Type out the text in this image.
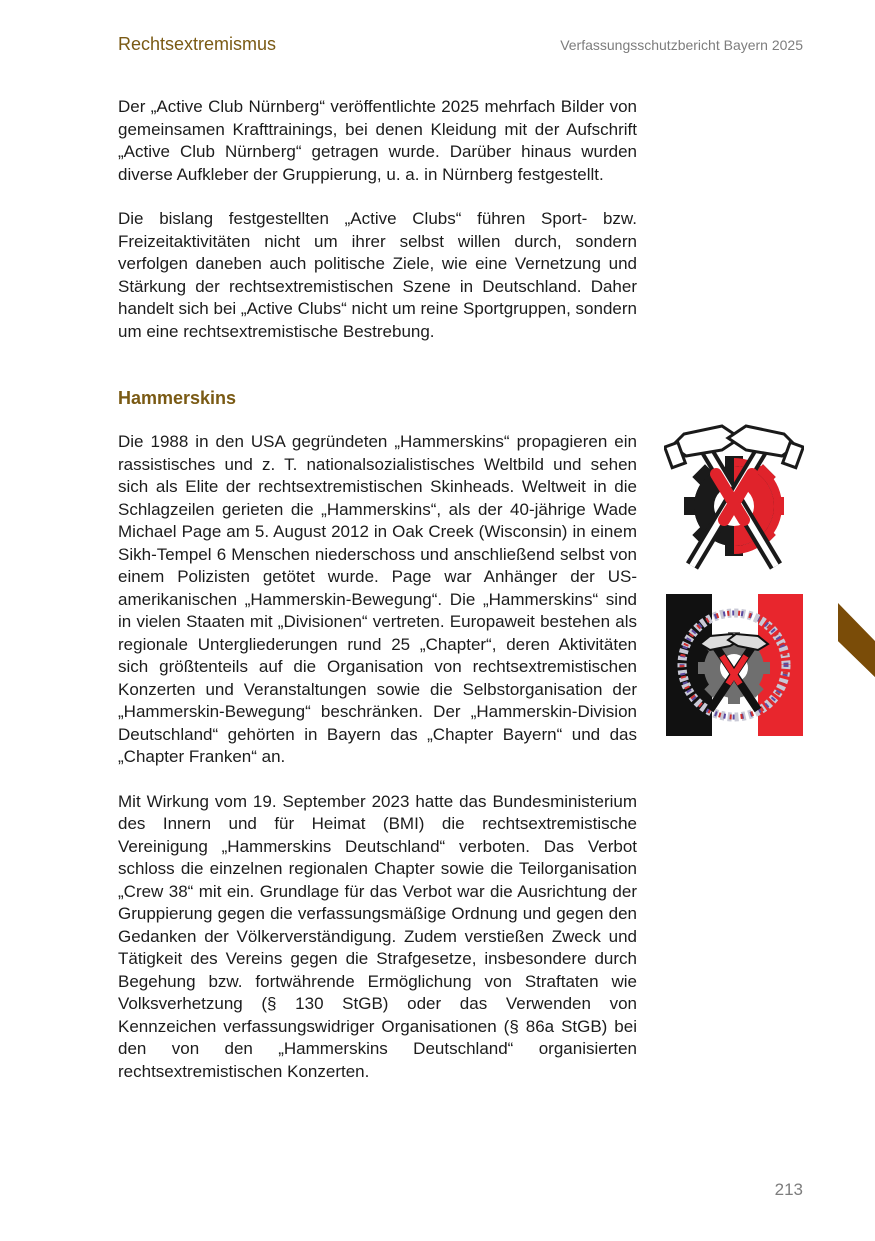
Rechtsextremismus	Verfassungsschutzbericht Bayern 2025

Der „Active Club Nürnberg“ veröffentlichte 2025 mehrfach Bilder von gemeinsamen Krafttrainings, bei denen Kleidung mit der Aufschrift „Active Club Nürnberg“ getragen wurde. Darüber hinaus wurden diverse Aufkleber der Gruppierung, u. a. in Nürnberg festgestellt.

Die bislang festgestellten „Active Clubs“ führen Sport- bzw. Freizeitaktivitäten nicht um ihrer selbst willen durch, sondern verfolgen daneben auch politische Ziele, wie eine Vernetzung und Stärkung der rechtsextremistischen Szene in Deutschland. Daher handelt sich bei „Active Clubs“ nicht um reine Sportgruppen, sondern um eine rechtsextremistische Bestrebung.

Hammerskins

Die 1988 in den USA gegründeten „Hammerskins“ propagieren ein rassistisches und z. T. nationalsozialistisches Weltbild und sehen sich als Elite der rechtsextremistischen Skinheads. Weltweit in die Schlagzeilen gerieten die „Hammerskins“, als der 40-jährige Wade Michael Page am 5. August 2012 in Oak Creek (Wisconsin) in einem Sikh-Tempel 6 Menschen niederschoss und anschließend selbst von einem Polizisten getötet wurde. Page war Anhänger der US-amerikanischen „Hammerskin-Bewegung“. Die „Hammerskins“ sind in vielen Staaten mit „Divisionen“ vertreten. Europaweit bestehen als regionale Untergliederungen rund 25 „Chapter“, deren Aktivitäten sich größtenteils auf die Organisation von rechtsextremistischen Konzerten und Veranstaltungen sowie die Selbstorganisation der „Hammerskin-Bewegung“ beschränken. Der „Hammerskin-Division Deutschland“ gehörten in Bayern das „Chapter Bayern“ und das „Chapter Franken“ an.

Mit Wirkung vom 19. September 2023 hatte das Bundesministerium des Innern und für Heimat (BMI) die rechtsextremistische Vereinigung „Hammerskins Deutschland“ verboten. Das Verbot schloss die einzelnen regionalen Chapter sowie die Teilorganisation „Crew 38“ mit ein. Grundlage für das Verbot war die Ausrichtung der Gruppierung gegen die verfassungsmäßige Ordnung und gegen den Gedanken der Völkerverständigung. Zudem verstießen Zweck und Tätigkeit des Vereins gegen die Strafgesetze, insbesondere durch Begehung bzw. fortwährende Ermöglichung von Straftaten wie Volksverhetzung (§ 130 StGB) oder das Verwenden von Kennzeichen verfassungswidriger Organisationen (§ 86a StGB) bei den von den „Hammerskins Deutschland“ organisierten rechtsextremistischen Konzerten.

213
